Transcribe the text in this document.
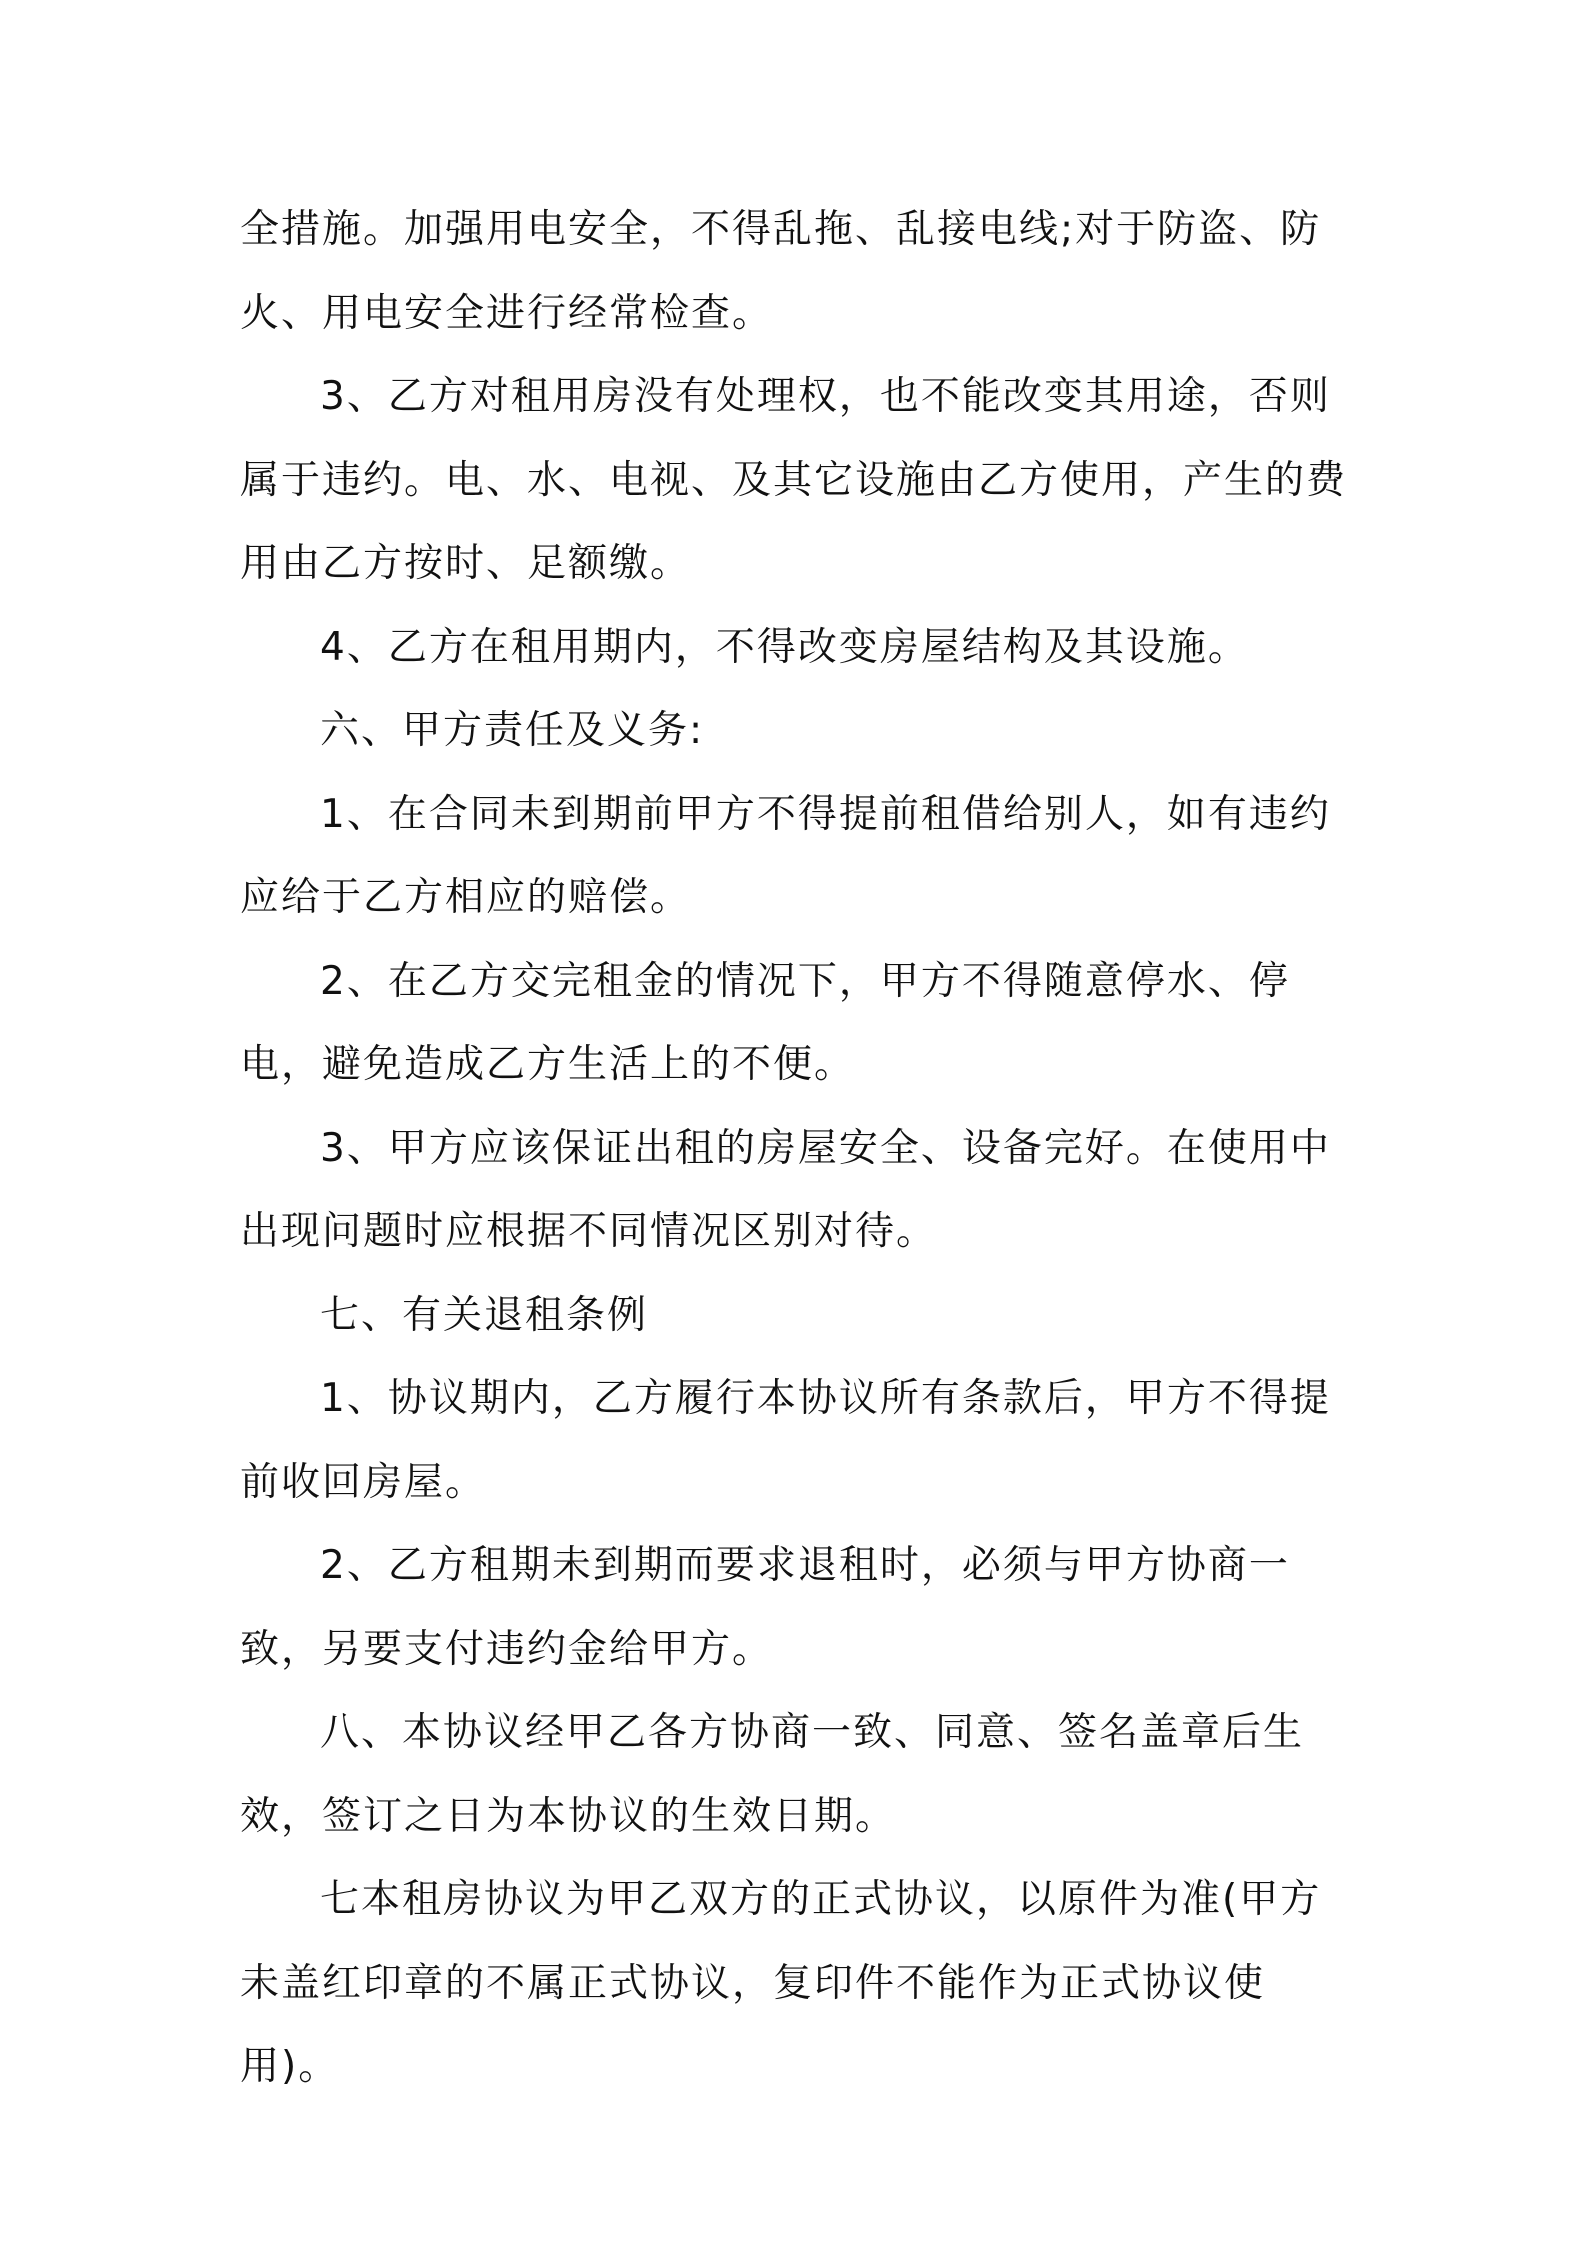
全措施。加强用电安全，不得乱拖、乱接电线;对于防盗、防火、用电安全进行经常检查。

3、乙方对租用房没有处理权，也不能改变其用途，否则属于违约。电、水、电视、及其它设施由乙方使用，产生的费用由乙方按时、足额缴。

4、乙方在租用期内，不得改变房屋结构及其设施。

六、甲方责任及义务:

1、在合同未到期前甲方不得提前租借给别人，如有违约应给于乙方相应的赔偿。

2、在乙方交完租金的情况下，甲方不得随意停水、停电，避免造成乙方生活上的不便。

3、甲方应该保证出租的房屋安全、设备完好。在使用中出现问题时应根据不同情况区别对待。

七、有关退租条例

1、协议期内，乙方履行本协议所有条款后，甲方不得提前收回房屋。

2、乙方租期未到期而要求退租时，必须与甲方协商一致，另要支付违约金给甲方。

八、本协议经甲乙各方协商一致、同意、签名盖章后生效，签订之日为本协议的生效日期。

七本租房协议为甲乙双方的正式协议，以原件为准(甲方未盖红印章的不属正式协议，复印件不能作为正式协议使用)。
